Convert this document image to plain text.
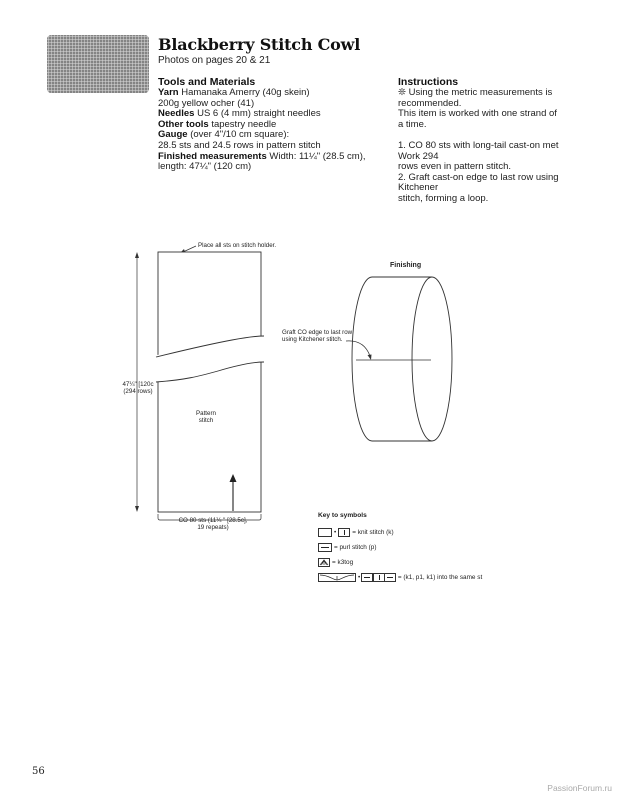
Blackberry Stitch Cowl
Photos on pages 20 & 21
Tools and Materials
Yarn Hamanaka Amerry (40g skein)
200g yellow ocher (41)
Needles US 6 (4 mm) straight needles
Other tools tapestry needle
Gauge (over 4"/10 cm square):
28.5 sts and 24.5 rows in pattern stitch
Finished measurements Width: 11¼" (28.5 cm),
length: 47¼" (120 cm)
Instructions
❊ Using the metric measurements is
recommended.
This item is worked with one strand of
a time.
1. CO 80 sts with long-tail cast-on met
Work 294
rows even in pattern stitch.
2. Graft cast-on edge to last row using
Kitchener
stitch, forming a loop.
Place all sts on stitch holder.
47¼" [120c
(294 rows)
Pattern
stitch
CO 80 sts (11¼ " [28.5c],
19 repeats)
Finishing
Graft CO edge to last row
using Kitchener stitch.
Key to symbols
•	= knit stitch (k)
= purl stitch (p)
= k3tog
•	= (k1, p1, k1) into the same st
56
PassionForum.ru
